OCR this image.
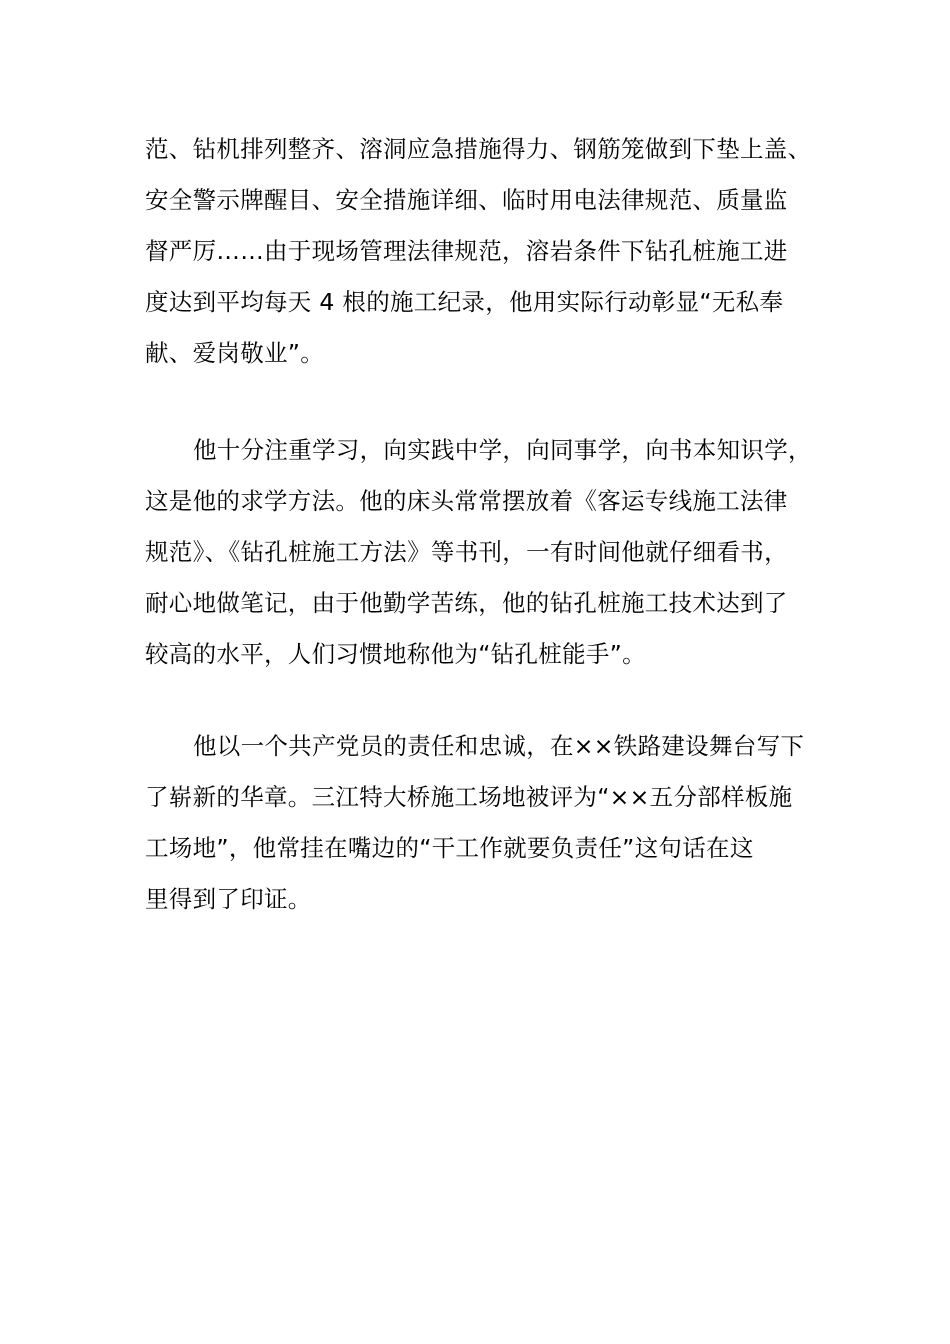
范、钻机排列整齐、溶洞应急措施得力、钢筋笼做到下垫上盖、
安全警示牌醒目、安全措施详细、临时用电法律规范、质量监
督严厉……由于现场管理法律规范，溶岩条件下钻孔桩施工进
度达到平均每天 4 根的施工纪录，他用实际行动彰显“无私奉
献、爱岗敬业”。
他十分注重学习，向实践中学，向同事学，向书本知识学，
这是他的求学方法。他的床头常常摆放着《客运专线施工法律
规范》、《钻孔桩施工方法》等书刊，一有时间他就仔细看书，
耐心地做笔记，由于他勤学苦练，他的钻孔桩施工技术达到了
较高的水平，人们习惯地称他为“钻孔桩能手”。
他以一个共产党员的责任和忠诚，在××铁路建设舞台写下
了崭新的华章。三江特大桥施工场地被评为“××五分部样板施
工场地”，他常挂在嘴边的“干工作就要负责任”这句话在这
里得到了印证。
